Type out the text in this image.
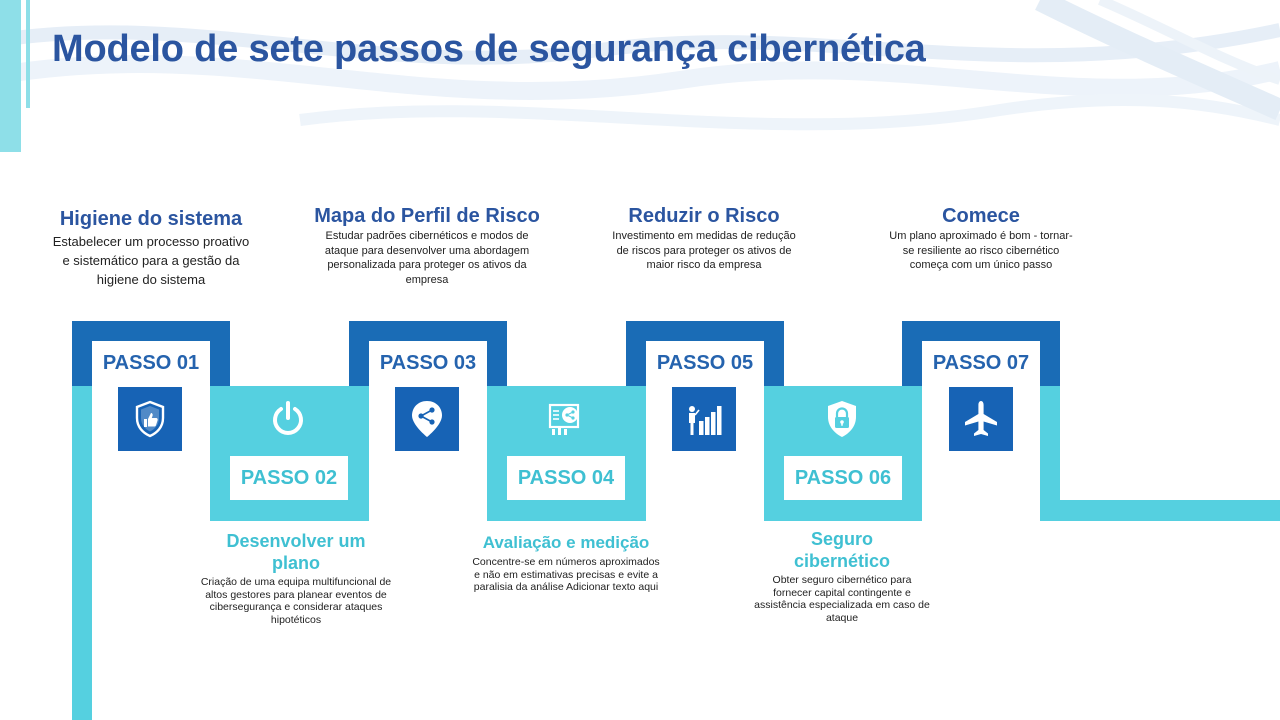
Modelo de sete passos de segurança cibernética
PASSO 01
PASSO 02
PASSO 03
PASSO 04
PASSO 05
PASSO 06
PASSO 07
Higiene do sistema
Estabelecer um processo proativo e sistemático para a gestão da higiene do sistema
Mapa do Perfil de Risco
Estudar padrões cibernéticos e modos de ataque para desenvolver uma abordagem personalizada para proteger os ativos da empresa
Reduzir o Risco
Investimento em medidas de redução de riscos para proteger os ativos de maior risco da empresa
Comece
Um plano aproximado é bom - tornar-se resiliente ao risco cibernético começa com um único passo
Desenvolver um plano
Criação de uma equipa multifuncional de altos gestores para planear eventos de cibersegurança e considerar ataques hipotéticos
Avaliação e medição
Concentre-se em números aproximados e não em estimativas precisas e evite a paralisia da análise Adicionar texto aqui
Seguro cibernético
Obter seguro cibernético para fornecer capital contingente e assistência especializada em caso de ataque
